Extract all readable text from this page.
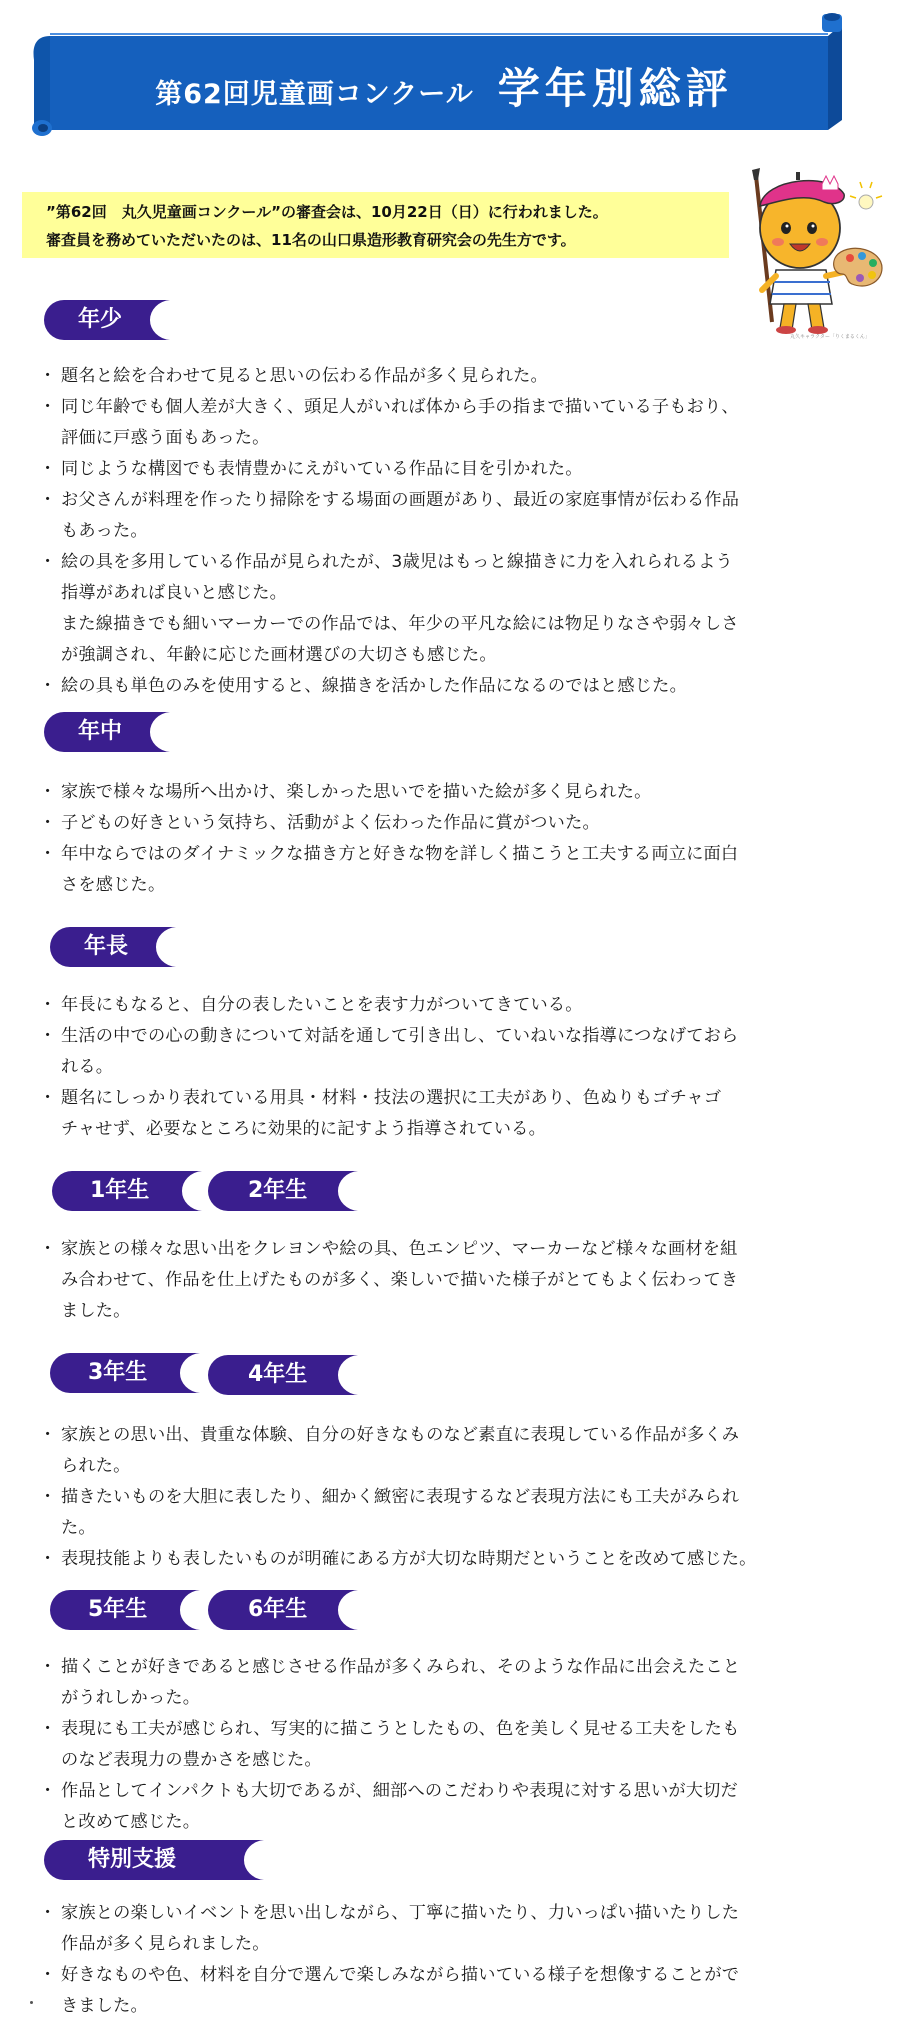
第62回児童画コンクール 学年別総評

”第62回　丸久児童画コンクール”の審査会は、10月22日（日）に行われました。

審査員を務めていただいたのは、11名の山口県造形教育研究会の先生方です。

丸久キャラクター「りくまるくん」
年少
・ 題名と絵を合わせて見ると思いの伝わる作品が多く見られた。
・ 同じ年齢でも個人差が大きく、頭足人がいれば体から手の指まで描いている子もおり、
評価に戸惑う面もあった。
・ 同じような構図でも表情豊かにえがいている作品に目を引かれた。
・ お父さんが料理を作ったり掃除をする場面の画題があり、最近の家庭事情が伝わる作品
もあった。
・ 絵の具を多用している作品が見られたが、3歳児はもっと線描きに力を入れられるよう
指導があれば良いと感じた。
また線描きでも細いマーカーでの作品では、年少の平凡な絵には物足りなさや弱々しさ
が強調され、年齢に応じた画材選びの大切さも感じた。
・ 絵の具も単色のみを使用すると、線描きを活かした作品になるのではと感じた。
年中
・ 家族で様々な場所へ出かけ、楽しかった思いでを描いた絵が多く見られた。
・ 子どもの好きという気持ち、活動がよく伝わった作品に賞がついた。
・ 年中ならではのダイナミックな描き方と好きな物を詳しく描こうと工夫する両立に面白
さを感じた。
年長
・ 年長にもなると、自分の表したいことを表す力がついてきている。
・ 生活の中での心の動きについて対話を通して引き出し、ていねいな指導につなげておら
れる。
・ 題名にしっかり表れている用具・材料・技法の選択に工夫があり、色ぬりもゴチャゴ
チャせず、必要なところに効果的に記すよう指導されている。
1年生	2年生
・ 家族との様々な思い出をクレヨンや絵の具、色エンピツ、マーカーなど様々な画材を組
み合わせて、作品を仕上げたものが多く、楽しいで描いた様子がとてもよく伝わってき
ました。
3年生	4年生
・ 家族との思い出、貴重な体験、自分の好きなものなど素直に表現している作品が多くみ
られた。
・ 描きたいものを大胆に表したり、細かく緻密に表現するなど表現方法にも工夫がみられ
た。
・ 表現技能よりも表したいものが明確にある方が大切な時期だということを改めて感じた。
5年生	6年生
・ 描くことが好きであると感じさせる作品が多くみられ、そのような作品に出会えたこと
がうれしかった。
・ 表現にも工夫が感じられ、写実的に描こうとしたもの、色を美しく見せる工夫をしたも
のなど表現力の豊かさを感じた。
・ 作品としてインパクトも大切であるが、細部へのこだわりや表現に対する思いが大切だ
と改めて感じた。
特別支援
・ 家族との楽しいイベントを思い出しながら、丁寧に描いたり、力いっぱい描いたりした
作品が多く見られました。
・ 好きなものや色、材料を自分で選んで楽しみながら描いている様子を想像することがで
きました。
